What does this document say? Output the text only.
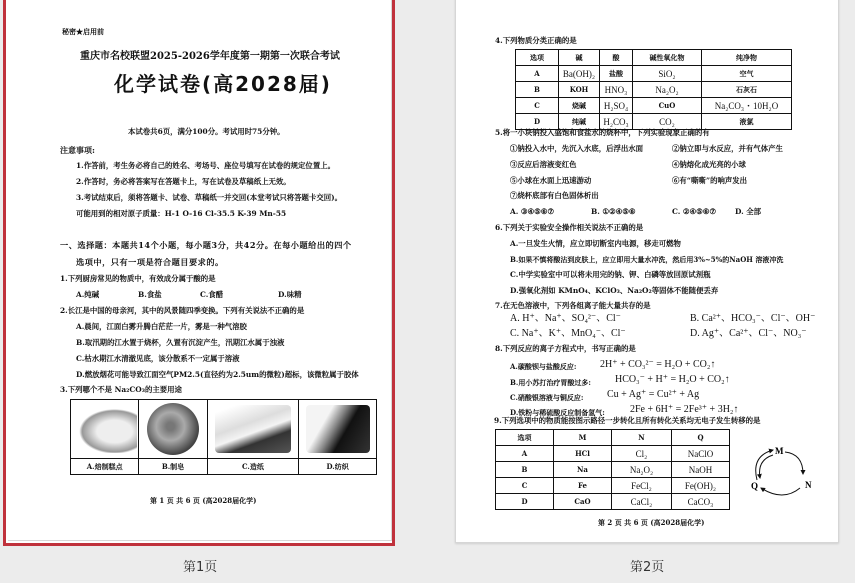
秘密★启用前
重庆市名校联盟2025-2026学年度第一期第一次联合考试
化学试卷(高2028届)
本试卷共6页，满分100分。考试用时75分钟。
注意事项:
1.作答前，考生务必将自己的姓名、考场号、座位号填写在试卷的规定位置上。
2.作答时，务必将答案写在答题卡上，写在试卷及草稿纸上无效。
3.考试结束后，须将答题卡、试卷、草稿纸一并交回(本堂考试只将答题卡交回)。
可能用到的相对原子质量：H-1 O-16 Cl-35.5 K-39 Mn-55
一、选择题：本题共14个小题，每小题3分，共42分。在每小题给出的四个
选项中，只有一项是符合题目要求的。
1.下列厨房常见的物质中，有效成分属于酸的是
A.纯碱	B.食盐	C.食醋	D.味精
2.长江是中国的母亲河，其中的风景随四季变换。下列有关说法不正确的是
A.晨间，江面白雾升腾白茫茫一片，雾是一种气溶胶
B.取汛期的江水置于烧杯，久置有沉淀产生，汛期江水属于浊液
C.枯水期江水清澈见底，该分散系不一定属于溶液
D.燃放烟花可能导致江面空气PM2.5(直径约为2.5um的微粒)超标，该微粒属于胶体
3.下列哪个不是 Na₂CO₃的主要用途

A.焙制糕点	B.制皂	C.造纸	D.纺织
第 1 页 共 6 页 (高2028届化学)
第1页
4.下列物质分类正确的是
选项	碱	酸	碱性氧化物	纯净物
A	Ba(OH)₂	盐酸	SiO₂	空气
B	KOH	HNO₃	Na₂O₂	石灰石
C	烧碱	H₂SO₄	CuO	Na₂CO₃・10H₂O
D	纯碱	H₂CO₃	CO₂	液氯
5.将一小块钠投入盛饱和食盐水的烧杯中，下列实验现象正确的有
①钠投入水中，先沉入水底，后浮出水面	②钠立即与水反应，并有气体产生
③反应后溶液变红色	④钠熔化成光亮的小球
⑤小球在水面上迅速游动	⑥有“嘶嘶”的响声发出
⑦烧杯底部有白色固体析出
A. ③④⑤⑥⑦	B. ①②④⑤⑥	C. ②④⑤⑥⑦	D. 全部
6.下列关于实验安全操作相关说法不正确的是
A.一旦发生火情，应立即切断室内电源，移走可燃物
B.如果不慎将酸沾到皮肤上，应立即用大量水冲洗，然后用3%~5%的NaOH 溶液冲洗
C.中学实验室中可以将未用完的钠、钾、白磷等放回原试剂瓶
D.强氧化剂如 KMnO₄、KClO₃、Na₂O₂等固体不能随便丢弃
7.在无色溶液中，下列各组离子能大量共存的是
A. H⁺、Na⁺、SO₄²⁻、Cl⁻	B. Ca²⁺、HCO₃⁻、Cl⁻、OH⁻
C. Na⁺、K⁺、MnO₄⁻、Cl⁻	D. Ag⁺、Ca²⁺、Cl⁻、NO₃⁻
8.下列反应的离子方程式中，书写正确的是
A.碳酸钡与盐酸反应: 2H⁺ + CO₃²⁻ = H₂O + CO₂↑
B.用小苏打治疗胃酸过多: HCO₃⁻ + H⁺ = H₂O + CO₂↑
C.硝酸银溶液与铜反应: Cu + Ag⁺ = Cu²⁺ + Ag
D.铁粉与稀硫酸反应制备氢气:	2Fe + 6H⁺ = 2Fe³⁺ + 3H₂↑
9.下列选项中的物质能按图示路径一步转化且所有转化关系均无电子发生转移的是
选项	M	N	Q
A	HCl	Cl₂	NaClO
B	Na	Na₂O₂	NaOH
C	Fe	FeCl₂	Fe(OH)₂
D	CaO	CaCl₂	CaCO₃
M
N
Q
第 2 页 共 6 页 (高2028届化学)
第2页
